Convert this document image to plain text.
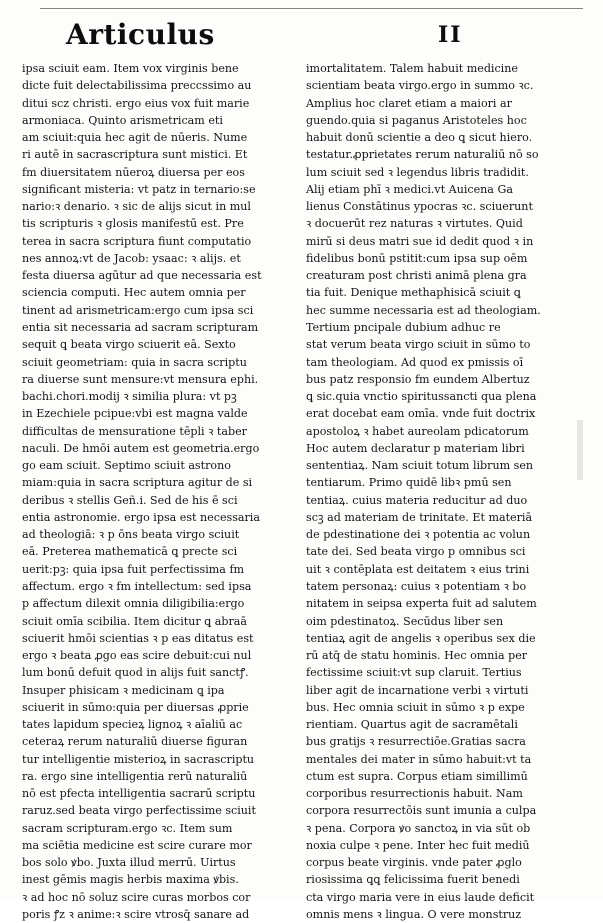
Articulus	II
ipsa sciuit eam. Item vox virginis bene
dicte fuit delectabilissima preccssimo au
ditui scz christi. ergo eius vox fuit marie
armoniaca. Quinto arismetricam eti
am sciuit:quia hec agit de nūeris. Nume
ri autē in sacrascriptura sunt mistici. Et
fm diuersitatem nūeroꝝ diuersa per eos
significant misteria: vt patz in ternario:se
nario:ꝛ denario. ꝛ sic de alijs sicut in mul
tis scripturis ꝛ glosis manifestū est. Pre
terea in sacra scriptura fiunt computatio
nes annoꝝ:vt de Jacob: ysaac: ꝛ alijs. et
festa diuersa agūtur ad que necessaria est
sciencia computi. Hec autem omnia per
tinent ad arismetricam:ergo cum ipsa sci
entia sit necessaria ad sacram scripturam
sequit ꝗ beata virgo sciuerit eā. Sexto
sciuit geometriam: quia in sacra scriptu
ra diuerse sunt mensure:vt mensura ephi.
bachi.chori.modij ꝛ similia plura: vt pꝫ
in Ezechiele pcipue:vbi est magna valde
difficultas de mensuratione tēpli ꝛ taber
naculi. De hmōi autem est geometria.ergo
go eam sciuit. Septimo sciuit astrono
miam:quia in sacra scriptura agitur de si
deribus ꝛ stellis Geñ.i. Sed de his ē sci
entia astronomie. ergo ipsa est necessaria
ad theologiā: ꝛ p ōns beata virgo sciuit
eā. Preterea mathematicā ꝗ precte sci
uerit:pꝫ: quia ipsa fuit perfectissima fm
affectum. ergo ꝛ fm intellectum: sed ipsa
p affectum dilexit omnia diligibilia:ergo
sciuit omīa scibilia. Item dicitur ꝗ abraā
sciuerit hmōi scientias ꝛ p eas ditatus est
ergo ꝛ beata ꝓgo eas scire debuit:cui nul
lum bonū defuit quod in alijs fuit sanctꝭ.
Insuper phisicam ꝛ medicinam ꝗ ipa
sciuerit in sūmo:quia per diuersas ꝓprie
tates lapidum specieꝝ lignoꝝ ꝛ aīaliū ac
ceteraꝝ rerum naturaliū diuerse figuran
tur intelligentie misterioꝝ in sacrascriptu
ra. ergo sine intelligentia rerū naturaliū
nō est pfecta intelligentia sacrarū scriptu
raruz.sed beata virgo perfectissime sciuit
sacram scripturam.ergo ꝛc. Item sum
ma sciētia medicine est scire curare mor
bos solo ꝟbo. Juxta illud merrū. Uirtus
inest gēmis magis herbis maxima ꝟbis.
ꝛ ad hoc nō soluz scire curas morbos cor
poris ꝭz ꝛ anime:ꝛ scire vtrosq̄ sanare ad
imortalitatem. Talem habuit medicine
scientiam beata virgo.ergo in summo ꝛc.
Amplius hoc claret etiam a maiori ar
guendo.quia si paganus Aristoteles hoc
habuit donū scientie a deo ꝗ sicut hiero.
testatur.ꝓprietates rerum naturaliū nō so
lum sciuit sed ꝛ legendus libris tradidit.
Alij etiam phī ꝛ medici.vt Auicena Ga
lienus Constātinus ypocras ꝛc. sciuerunt
ꝛ docuerūt rez naturas ꝛ virtutes. Quid
mirū si deus matri sue id dedit quod ꝛ in
fidelibus bonū pstitit:cum ipsa sup oēm
creaturam post christi animā plena gra
tia fuit. Denique methaphisicā sciuit ꝗ
hec summe necessaria est ad theologiam.
Tertium pncipale dubium adhuc re
stat verum beata virgo sciuit in sūmo to
tam theologiam. Ad quod ex pmissis oī
bus patz responsio fm eundem Albertuz
ꝗ sic.quia vnctio spiritussancti qua plena
erat docebat eam omīa. vnde fuit doctrix
apostoloꝝ ꝛ habet aureolam pdicatorum
Hoc autem declaratur p materiam libri
sententiaꝝ. Nam sciuit totum librum sen
tentiarum. Primo quidē libꝛ pmū sen
tentiaꝝ. cuius materia reducitur ad duo
scꝫ ad materiam de trinitate. Et materiā
de pdestinatione dei ꝛ potentia ac volun
tate dei. Sed beata virgo p omnibus sci
uit ꝛ contēplata est deitatem ꝛ eius trini
tatem personaꝝ: cuius ꝛ potentiam ꝛ bo
nitatem in seipsa experta fuit ad salutem
oim pdestinatoꝝ. Secūdus liber sen
tentiaꝝ agit de angelis ꝛ operibus sex die
rū atq̄ de statu hominis. Hec omnia per
fectissime sciuit:vt sup claruit. Tertius
liber agit de incarnatione verbi ꝛ virtuti
bus. Hec omnia sciuit in sūmo ꝛ p expe
rientiam. Quartus agit de sacramētali
bus gratijs ꝛ resurrectiōe.Gratias sacra
mentales dei mater in sūmo habuit:vt ta
ctum est supra. Corpus etiam simillimū
corporibus resurrectionis habuit. Nam
corpora resurrectōis sunt imunia a culpa
ꝛ pena. Corpora ꝟo sanctoꝝ in via sūt ob
noxia culpe ꝛ pene. Inter hec fuit mediū
corpus beate virginis. vnde pater ꝓglo
riosissima ꝗꝗ felicissima fuerit benedi
cta virgo maria vere in eius laude deficit
omnis mens ꝛ lingua. O vere monstruz
